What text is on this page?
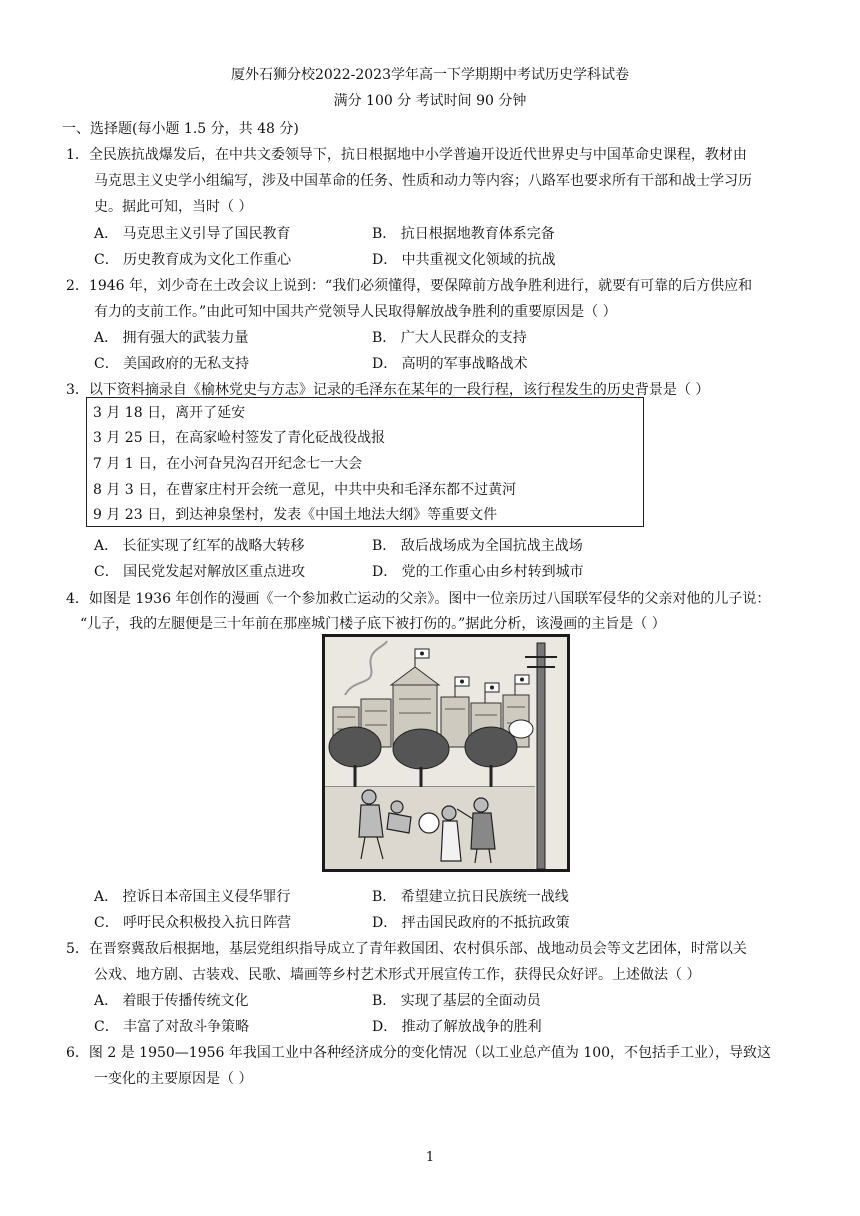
厦外石狮分校2022-2023学年高一下学期期中考试历史学科试卷
满分 100 分 考试时间 90 分钟
一、选择题(每小题 1.5 分，共 48 分)
1．全民族抗战爆发后，在中共文委领导下，抗日根据地中小学普遍开设近代世界史与中国革命史课程，教材由
马克思主义史学小组编写，涉及中国革命的任务、性质和动力等内容；八路军也要求所有干部和战士学习历
史。据此可知，当时（ ）
A． 马克思主义引导了国民教育	B． 抗日根据地教育体系完备
C． 历史教育成为文化工作重心	D． 中共重视文化领域的抗战
2．1946 年，刘少奇在土改会议上说到：“我们必须懂得，要保障前方战争胜利进行，就要有可靠的后方供应和
有力的支前工作。”由此可知中国共产党领导人民取得解放战争胜利的重要原因是（ ）
A． 拥有强大的武装力量	B． 广大人民群众的支持
C． 美国政府的无私支持	D． 高明的军事战略战术
3．以下资料摘录自《榆林党史与方志》记录的毛泽东在某年的一段行程，该行程发生的历史背景是（ ）
3 月 18 日，离开了延安
3 月 25 日，在高家崄村签发了青化砭战役战报
7 月 1 日，在小河旮旯沟召开纪念七一大会
8 月 3 日，在曹家庄村开会统一意见，中共中央和毛泽东都不过黄河
9 月 23 日，到达神泉堡村，发表《中国土地法大纲》等重要文件
A． 长征实现了红军的战略大转移	B． 敌后战场成为全国抗战主战场
C． 国民党发起对解放区重点进攻	D． 党的工作重心由乡村转到城市
4．如图是 1936 年创作的漫画《一个参加救亡运动的父亲》。图中一位亲历过八国联军侵华的父亲对他的儿子说：
“儿子，我的左腿便是三十年前在那座城门楼子底下被打伤的。”据此分析，该漫画的主旨是（ ）
A． 控诉日本帝国主义侵华罪行	B． 希望建立抗日民族统一战线
C． 呼吁民众积极投入抗日阵营	D． 抨击国民政府的不抵抗政策
5．在晋察冀敌后根据地，基层党组织指导成立了青年救国团、农村俱乐部、战地动员会等文艺团体，时常以关
公戏、地方剧、古装戏、民歌、墙画等乡村艺术形式开展宣传工作，获得民众好评。上述做法（ ）
A． 着眼于传播传统文化	B． 实现了基层的全面动员
C． 丰富了对敌斗争策略	D． 推动了解放战争的胜利
6．图 2 是 1950—1956 年我国工业中各种经济成分的变化情况（以工业总产值为 100，不包括手工业），导致这
一变化的主要原因是（ ）
1
